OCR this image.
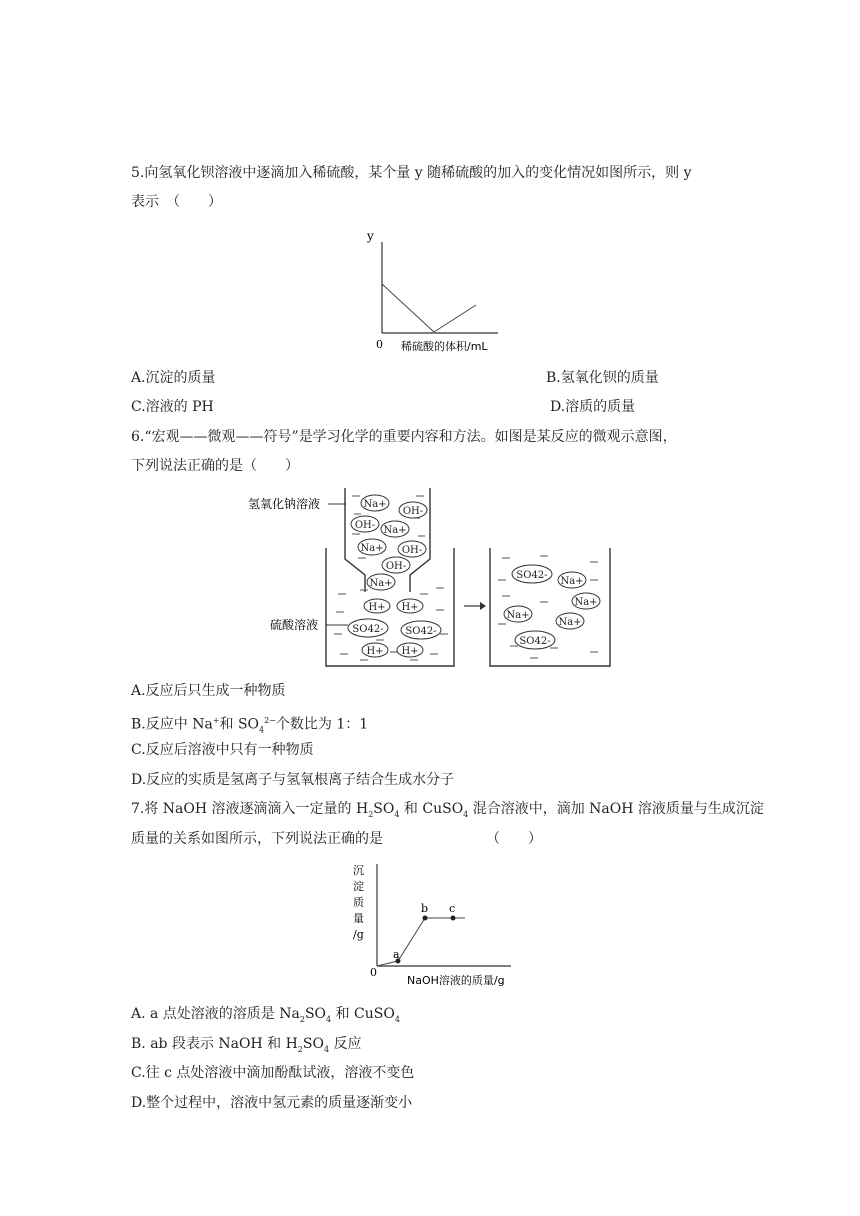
5.向氢氧化钡溶液中逐滴加入稀硫酸，某个量 y 随稀硫酸的加入的变化情况如图所示，则 y
表示　（　　）
y
0 稀硫酸的体积/mL
A.沉淀的质量	B.氢氧化钡的质量
C.溶液的 PH	D.溶质的质量
6.“宏观——微观——符号”是学习化学的重要内容和方法。如图是某反应的微观示意图，
下列说法正确的是（　　）
Na+
OH-
OH- Na+
Na+ OH-
OH-
Na+
H+ H+
SO42- SO42-
H+ H+
SO42-
Na+
Na+
Na+
Na+
SO42-
氢氧化钠溶液
硫酸溶液
A.反应后只生成一种物质
B.反应中 Na+和 $SO_4^{2-}$个数比为 1：1
C.反应后溶液中只有一种物质
D.反应的实质是氢离子与氢氧根离子结合生成水分子
7.将 NaOH 溶液逐滴滴入一定量的 $H_2SO_4$ 和 CuSO$_4$ 混合溶液中，滴加 NaOH 溶液质量与生成沉淀
质量的关系如图所示，下列说法正确的是	（　　）
沉
淀
质
量
/g
0
a
b c
NaOH溶液的质量/g
A. a 点处溶液的溶质是 $Na_2SO_4$ 和 CuSO$_4$
B. ab 段表示 NaOH 和 $H_2SO_4$ 反应
C.往 c 点处溶液中滴加酚酞试液，溶液不变色
D.整个过程中，溶液中氢元素的质量逐渐变小
